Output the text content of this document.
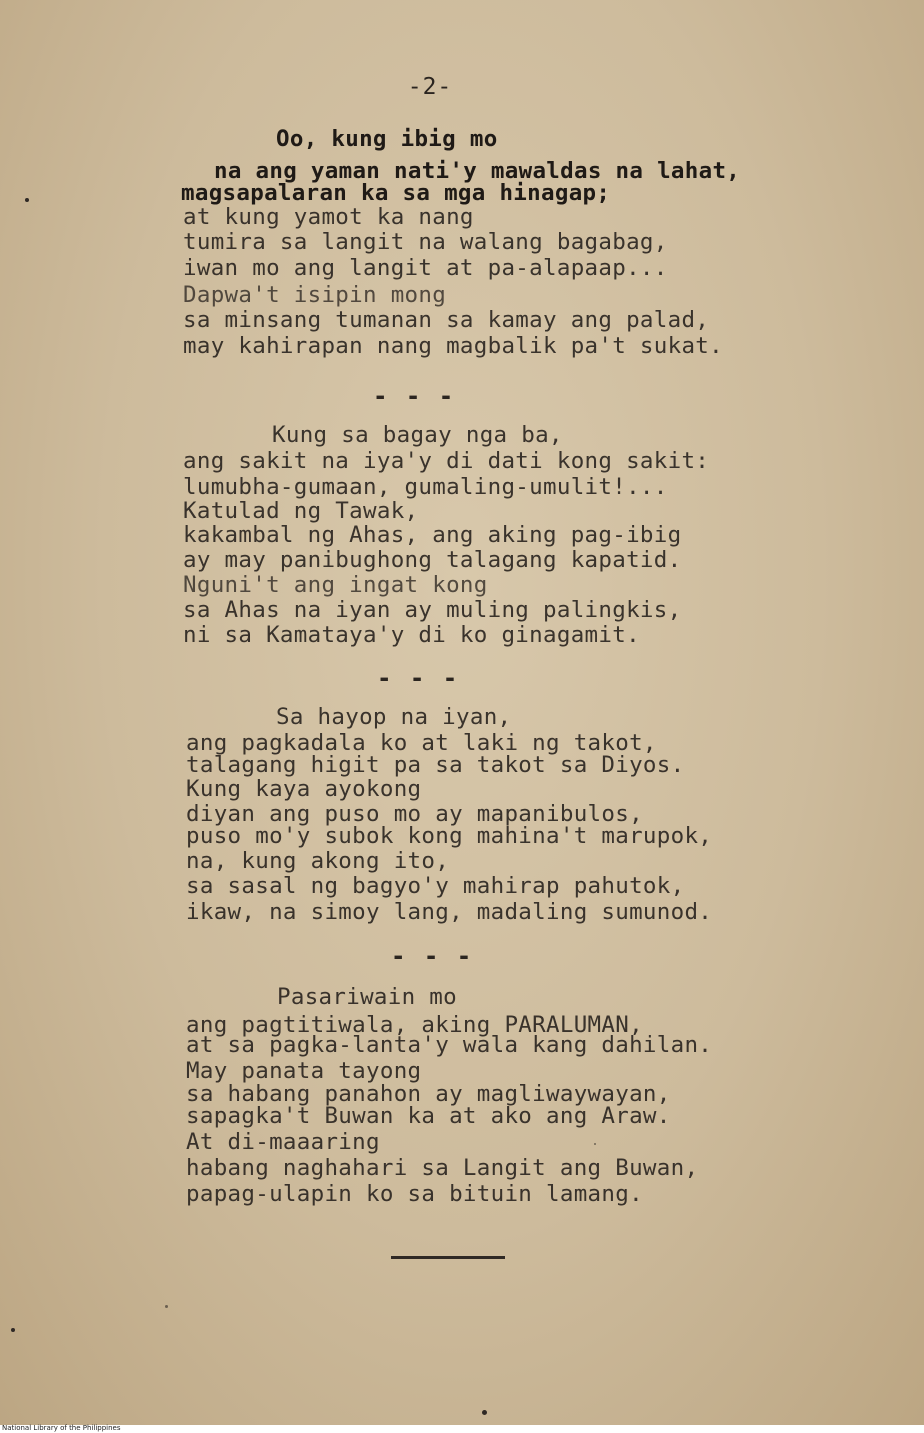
-2-
Oo, kung ibig mo
na ang yaman nati'y mawaldas na lahat,
magsapalaran ka sa mga hinagap;
at kung yamot ka nang
tumira sa langit na walang bagabag,
iwan mo ang langit at pa-alapaap...
Dapwa't isipin mong
sa minsang tumanan sa kamay ang palad,
may kahirapan nang magbalik pa't sukat.
- - -
Kung sa bagay nga ba,
ang sakit na iya'y di dati kong sakit:
lumubha-gumaan, gumaling-umulit!...
Katulad ng Tawak,
kakambal ng Ahas, ang aking pag-ibig
ay may panibughong talagang kapatid.
Nguni't ang ingat kong
sa Ahas na iyan ay muling palingkis,
ni sa Kamataya'y di ko ginagamit.
- - -
Sa hayop na iyan,
ang pagkadala ko at laki ng takot,
talagang higit pa sa takot sa Diyos.
Kung kaya ayokong
diyan ang puso mo ay mapanibulos,
puso mo'y subok kong mahina't marupok,
na, kung akong ito,
sa sasal ng bagyo'y mahirap pahutok,
ikaw, na simoy lang, madaling sumunod.
- - -
Pasariwain mo
ang pagtitiwala, aking PARALUMAN,
at sa pagka-lanta'y wala kang dahilan.
May panata tayong
sa habang panahon ay magliwaywayan,
sapagka't Buwan ka at ako ang Araw.
At di-maaaring
habang naghahari sa Langit ang Buwan,
papag-ulapin ko sa bituin lamang.
National Library of the Philippines
